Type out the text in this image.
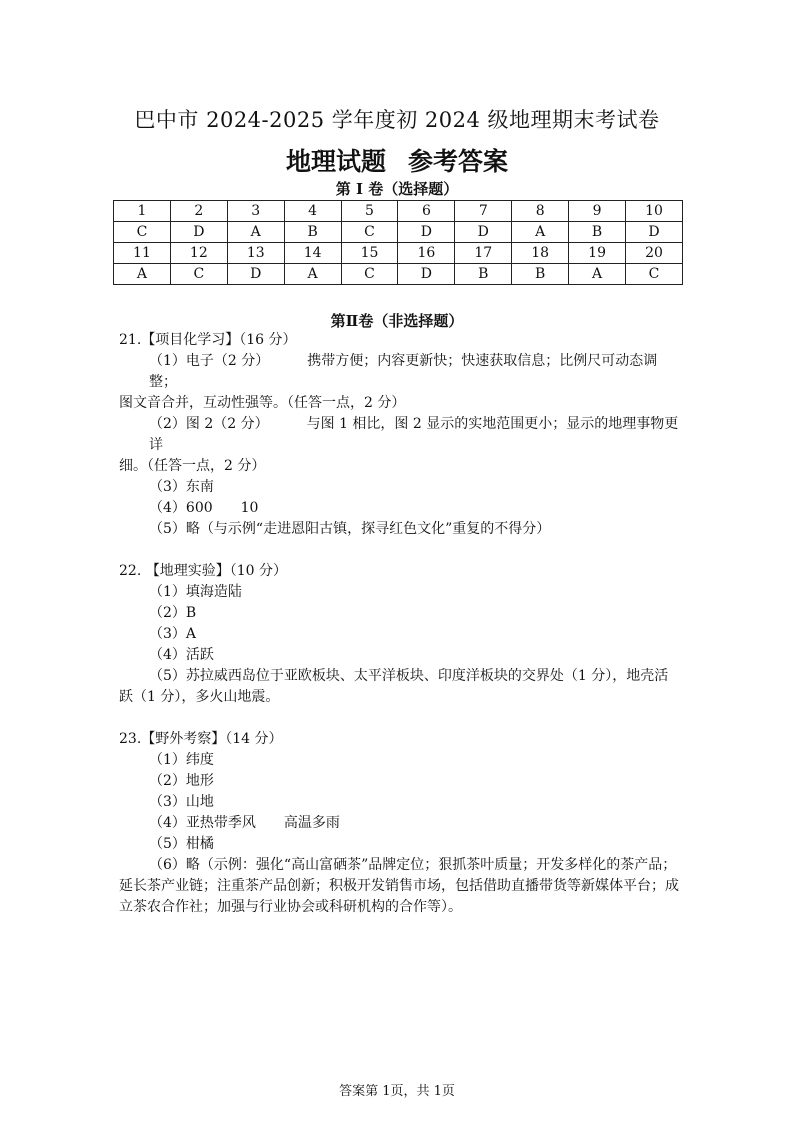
巴中市 2024-2025 学年度初 2024 级地理期末考试卷
地理试题 参考答案
第 I 卷（选择题）
1	2	3	4	5	6	7	8	9	10
C	D	A	B	C	D	D	A	B	D
11	12	13	14	15	16	17	18	19	20
A	C	D	A	C	D	B	B	A	C
第Ⅱ卷（非选择题）

21.【项目化学习】（16 分）

（1）电子（2 分）	携带方便；内容更新快；快速获取信息；比例尺可动态调整；

图文音合并，互动性强等。（任答一点，2 分）

（2）图 2（2 分）	与图 1 相比，图 2 显示的实地范围更小；显示的地理事物更详

细。（任答一点，2 分）

（3）东南

（4）600 10

（5）略（与示例“走进恩阳古镇，探寻红色文化”重复的不得分）

22. 【地理实验】（10 分）

（1）填海造陆

（2）B

（3）A

（4）活跃

（5）苏拉威西岛位于亚欧板块、太平洋板块、印度洋板块的交界处（1 分），地壳活

跃（1 分），多火山地震。

23.【野外考察】（14 分）

（1）纬度

（2）地形

（3）山地

（4）亚热带季风 高温多雨

（5）柑橘

（6）略（示例：强化“高山富硒茶”品牌定位；狠抓茶叶质量；开发多样化的茶产品；

延长茶产业链；注重茶产品创新；积极开发销售市场，包括借助直播带货等新媒体平台；成

立茶农合作社；加强与行业协会或科研机构的合作等）。

答案第 1页，共 1页
